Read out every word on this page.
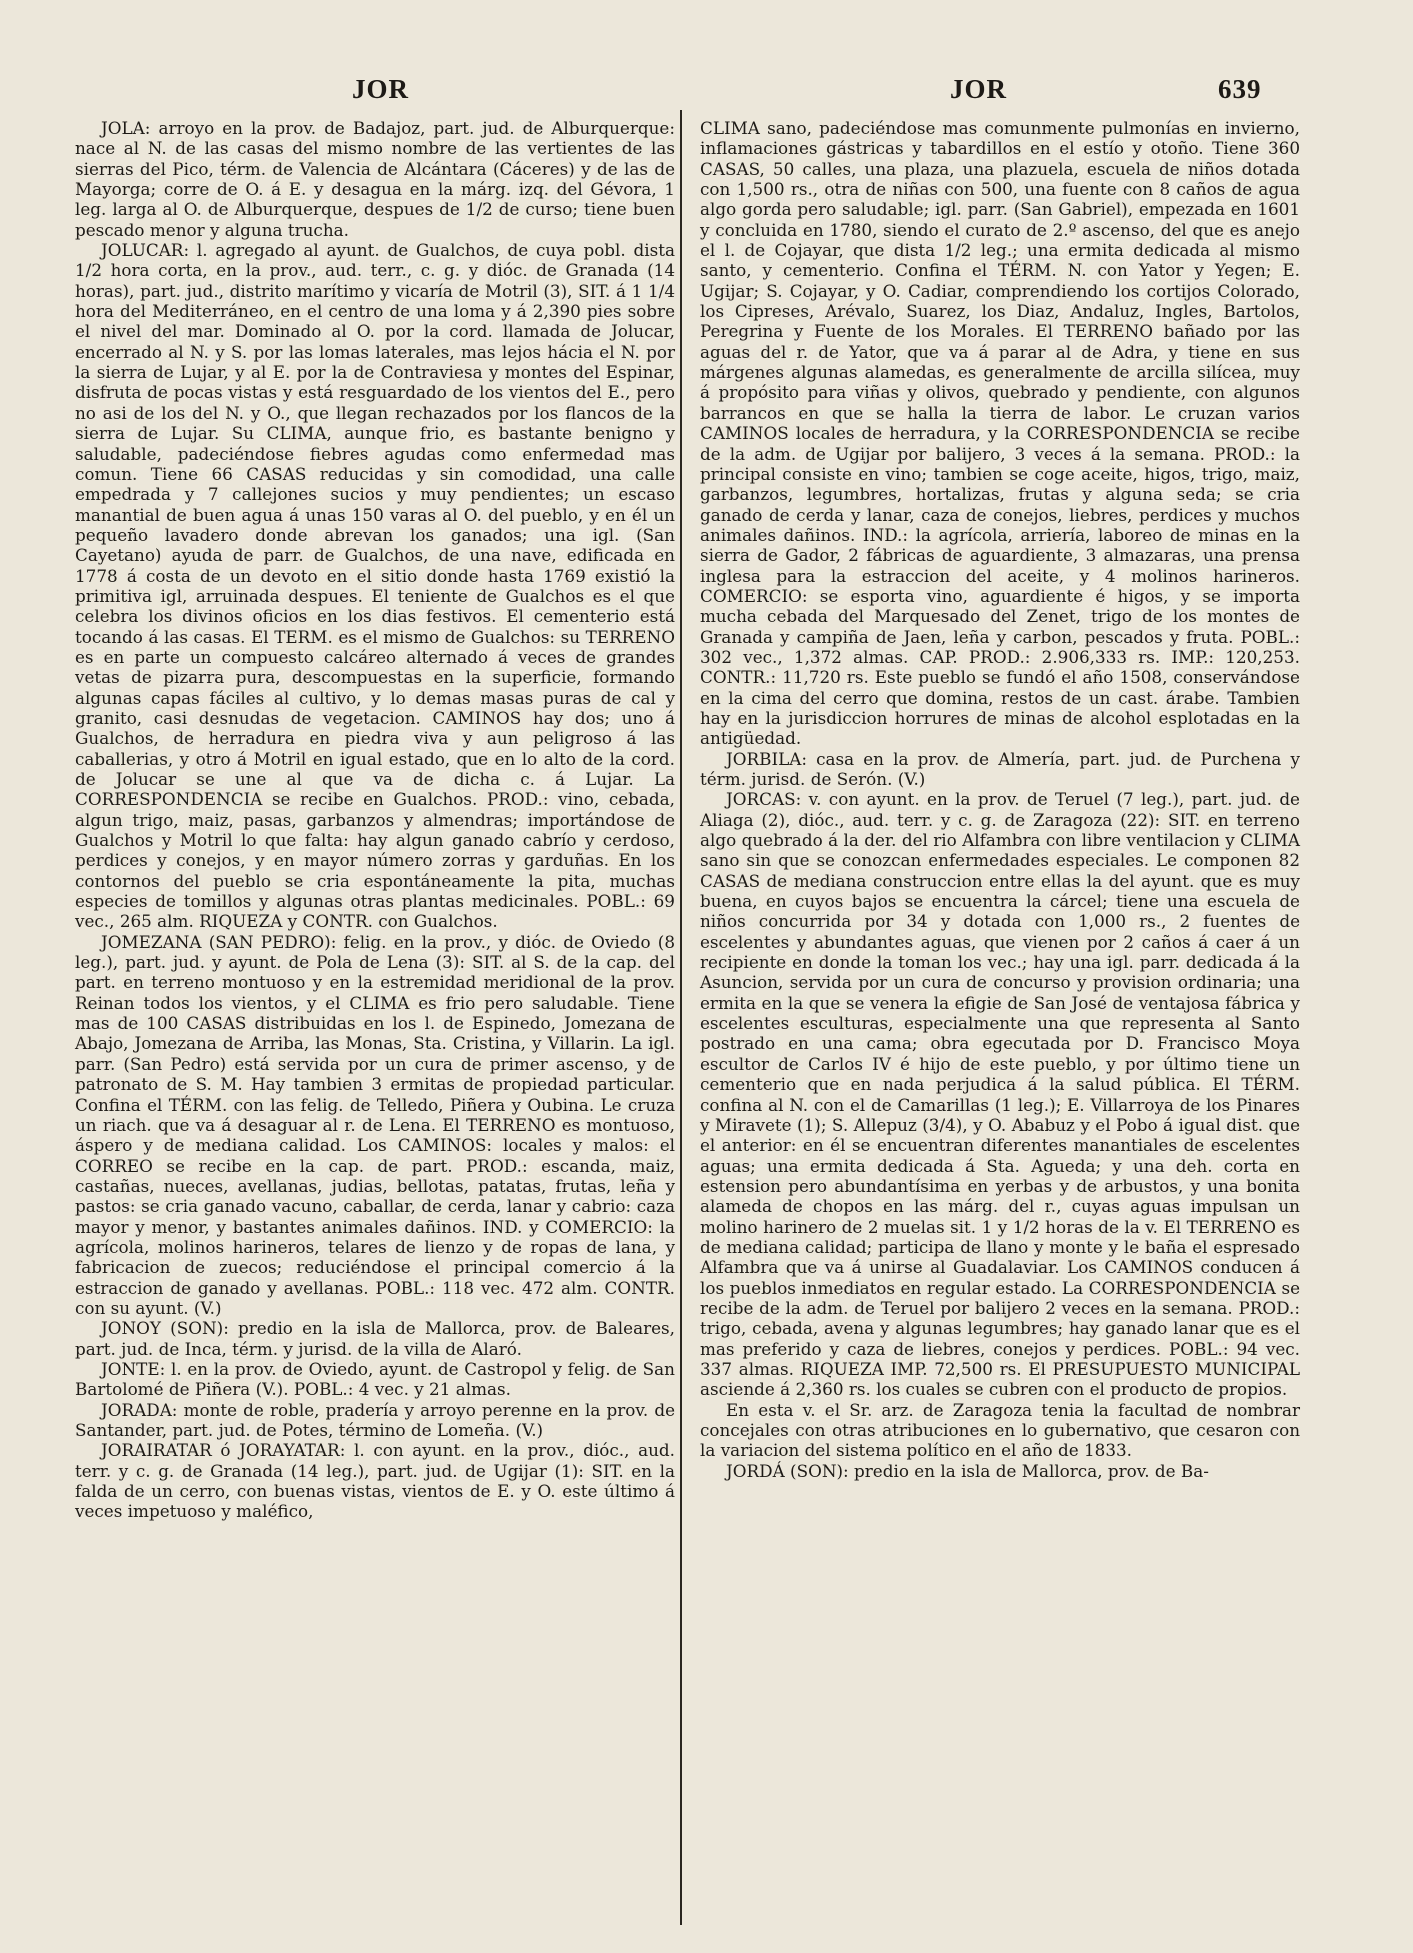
JOR	JOR	639

JOLA: arroyo en la prov. de Badajoz, part. jud. de Alburquerque: nace al N. de las casas del mismo nombre de las vertientes de las sierras del Pico, térm. de Valencia de Alcántara (Cáceres) y de las de Mayorga; corre de O. á E. y desagua en la márg. izq. del Gévora, 1 leg. larga al O. de Alburquerque, despues de 1/2 de curso; tiene buen pescado menor y alguna trucha.

JOLUCAR: l. agregado al ayunt. de Gualchos, de cuya pobl. dista 1/2 hora corta, en la prov., aud. terr., c. g. y dióc. de Granada (14 horas), part. jud., distrito marítimo y vicaría de Motril (3), SIT. á 1 1/4 hora del Mediterráneo, en el centro de una loma y á 2,390 pies sobre el nivel del mar. Dominado al O. por la cord. llamada de Jolucar, encerrado al N. y S. por las lomas laterales, mas lejos hácia el N. por la sierra de Lujar, y al E. por la de Contraviesa y montes del Espinar, disfruta de pocas vistas y está resguardado de los vientos del E., pero no asi de los del N. y O., que llegan rechazados por los flancos de la sierra de Lujar. Su CLIMA, aunque frio, es bastante benigno y saludable, padeciéndose fiebres agudas como enfermedad mas comun. Tiene 66 CASAS reducidas y sin comodidad, una calle empedrada y 7 callejones sucios y muy pendientes; un escaso manantial de buen agua á unas 150 varas al O. del pueblo, y en él un pequeño lavadero donde abrevan los ganados; una igl. (San Cayetano) ayuda de parr. de Gualchos, de una nave, edificada en 1778 á costa de un devoto en el sitio donde hasta 1769 existió la primitiva igl, arruinada despues. El teniente de Gualchos es el que celebra los divinos oficios en los dias festivos. El cementerio está tocando á las casas. El TERM. es el mismo de Gualchos: su TERRENO es en parte un compuesto calcáreo alternado á veces de grandes vetas de pizarra pura, descompuestas en la superficie, formando algunas capas fáciles al cultivo, y lo demas masas puras de cal y granito, casi desnudas de vegetacion. CAMINOS hay dos; uno á Gualchos, de herradura en piedra viva y aun peligroso á las caballerias, y otro á Motril en igual estado, que en lo alto de la cord. de Jolucar se une al que va de dicha c. á Lujar. La CORRESPONDENCIA se recibe en Gualchos. PROD.: vino, cebada, algun trigo, maiz, pasas, garbanzos y almendras; importándose de Gualchos y Motril lo que falta: hay algun ganado cabrío y cerdoso, perdices y conejos, y en mayor número zorras y garduñas. En los contornos del pueblo se cria espontáneamente la pita, muchas especies de tomillos y algunas otras plantas medicinales. POBL.: 69 vec., 265 alm. RIQUEZA y CONTR. con Gualchos.

JOMEZANA (SAN PEDRO): felig. en la prov., y dióc. de Oviedo (8 leg.), part. jud. y ayunt. de Pola de Lena (3): SIT. al S. de la cap. del part. en terreno montuoso y en la estremidad meridional de la prov. Reinan todos los vientos, y el CLIMA es frio pero saludable. Tiene mas de 100 CASAS distribuidas en los l. de Espinedo, Jomezana de Abajo, Jomezana de Arriba, las Monas, Sta. Cristina, y Villarin. La igl. parr. (San Pedro) está servida por un cura de primer ascenso, y de patronato de S. M. Hay tambien 3 ermitas de propiedad particular. Confina el TÉRM. con las felig. de Telledo, Piñera y Oubina. Le cruza un riach. que va á desaguar al r. de Lena. El TERRENO es montuoso, áspero y de mediana calidad. Los CAMINOS: locales y malos: el CORREO se recibe en la cap. de part. PROD.: escanda, maiz, castañas, nueces, avellanas, judias, bellotas, patatas, frutas, leña y pastos: se cria ganado vacuno, caballar, de cerda, lanar y cabrio: caza mayor y menor, y bastantes animales dañinos. IND. y COMERCIO: la agrícola, molinos harineros, telares de lienzo y de ropas de lana, y fabricacion de zuecos; reduciéndose el principal comercio á la estraccion de ganado y avellanas. POBL.: 118 vec. 472 alm. CONTR. con su ayunt. (V.)

JONOY (SON): predio en la isla de Mallorca, prov. de Baleares, part. jud. de Inca, térm. y jurisd. de la villa de Alaró.

JONTE: l. en la prov. de Oviedo, ayunt. de Castropol y felig. de San Bartolomé de Piñera (V.). POBL.: 4 vec. y 21 almas.

JORADA: monte de roble, pradería y arroyo perenne en la prov. de Santander, part. jud. de Potes, término de Lomeña. (V.)

JORAIRATAR ó JORAYATAR: l. con ayunt. en la prov., dióc., aud. terr. y c. g. de Granada (14 leg.), part. jud. de Ugijar (1): SIT. en la falda de un cerro, con buenas vistas, vientos de E. y O. este último á veces impetuoso y maléfico,

CLIMA sano, padeciéndose mas comunmente pulmonías en invierno, inflamaciones gástricas y tabardillos en el estío y otoño. Tiene 360 CASAS, 50 calles, una plaza, una plazuela, escuela de niños dotada con 1,500 rs., otra de niñas con 500, una fuente con 8 caños de agua algo gorda pero saludable; igl. parr. (San Gabriel), empezada en 1601 y concluida en 1780, siendo el curato de 2.º ascenso, del que es anejo el l. de Cojayar, que dista 1/2 leg.; una ermita dedicada al mismo santo, y cementerio. Confina el TÉRM. N. con Yator y Yegen; E. Ugijar; S. Cojayar, y O. Cadiar, comprendiendo los cortijos Colorado, los Cipreses, Arévalo, Suarez, los Diaz, Andaluz, Ingles, Bartolos, Peregrina y Fuente de los Morales. El TERRENO bañado por las aguas del r. de Yator, que va á parar al de Adra, y tiene en sus márgenes algunas alamedas, es generalmente de arcilla silícea, muy á propósito para viñas y olivos, quebrado y pendiente, con algunos barrancos en que se halla la tierra de labor. Le cruzan varios CAMINOS locales de herradura, y la CORRESPONDENCIA se recibe de la adm. de Ugijar por balijero, 3 veces á la semana. PROD.: la principal consiste en vino; tambien se coge aceite, higos, trigo, maiz, garbanzos, legumbres, hortalizas, frutas y alguna seda; se cria ganado de cerda y lanar, caza de conejos, liebres, perdices y muchos animales dañinos. IND.: la agrícola, arriería, laboreo de minas en la sierra de Gador, 2 fábricas de aguardiente, 3 almazaras, una prensa inglesa para la estraccion del aceite, y 4 molinos harineros. COMERCIO: se esporta vino, aguardiente é higos, y se importa mucha cebada del Marquesado del Zenet, trigo de los montes de Granada y campiña de Jaen, leña y carbon, pescados y fruta. POBL.: 302 vec., 1,372 almas. CAP. PROD.: 2.906,333 rs. IMP.: 120,253. CONTR.: 11,720 rs. Este pueblo se fundó el año 1508, conservándose en la cima del cerro que domina, restos de un cast. árabe. Tambien hay en la jurisdiccion horrures de minas de alcohol esplotadas en la antigüedad.

JORBILA: casa en la prov. de Almería, part. jud. de Purchena y térm. jurisd. de Serón. (V.)

JORCAS: v. con ayunt. en la prov. de Teruel (7 leg.), part. jud. de Aliaga (2), dióc., aud. terr. y c. g. de Zaragoza (22): SIT. en terreno algo quebrado á la der. del rio Alfambra con libre ventilacion y CLIMA sano sin que se conozcan enfermedades especiales. Le componen 82 CASAS de mediana construccion entre ellas la del ayunt. que es muy buena, en cuyos bajos se encuentra la cárcel; tiene una escuela de niños concurrida por 34 y dotada con 1,000 rs., 2 fuentes de escelentes y abundantes aguas, que vienen por 2 caños á caer á un recipiente en donde la toman los vec.; hay una igl. parr. dedicada á la Asuncion, servida por un cura de concurso y provision ordinaria; una ermita en la que se venera la efigie de San José de ventajosa fábrica y escelentes esculturas, especialmente una que representa al Santo postrado en una cama; obra egecutada por D. Francisco Moya escultor de Carlos IV é hijo de este pueblo, y por último tiene un cementerio que en nada perjudica á la salud pública. El TÉRM. confina al N. con el de Camarillas (1 leg.); E. Villarroya de los Pinares y Miravete (1); S. Allepuz (3/4), y O. Ababuz y el Pobo á igual dist. que el anterior: en él se encuentran diferentes manantiales de escelentes aguas; una ermita dedicada á Sta. Agueda; y una deh. corta en estension pero abundantísima en yerbas y de arbustos, y una bonita alameda de chopos en las márg. del r., cuyas aguas impulsan un molino harinero de 2 muelas sit. 1 y 1/2 horas de la v. El TERRENO es de mediana calidad; participa de llano y monte y le baña el espresado Alfambra que va á unirse al Guadalaviar. Los CAMINOS conducen á los pueblos inmediatos en regular estado. La CORRESPONDENCIA se recibe de la adm. de Teruel por balijero 2 veces en la semana. PROD.: trigo, cebada, avena y algunas legumbres; hay ganado lanar que es el mas preferido y caza de liebres, conejos y perdices. POBL.: 94 vec. 337 almas. RIQUEZA IMP. 72,500 rs. El PRESUPUESTO MUNICIPAL asciende á 2,360 rs. los cuales se cubren con el producto de propios.

En esta v. el Sr. arz. de Zaragoza tenia la facultad de nombrar concejales con otras atribuciones en lo gubernativo, que cesaron con la variacion del sistema político en el año de 1833.

JORDÁ (SON): predio en la isla de Mallorca, prov. de Ba-
